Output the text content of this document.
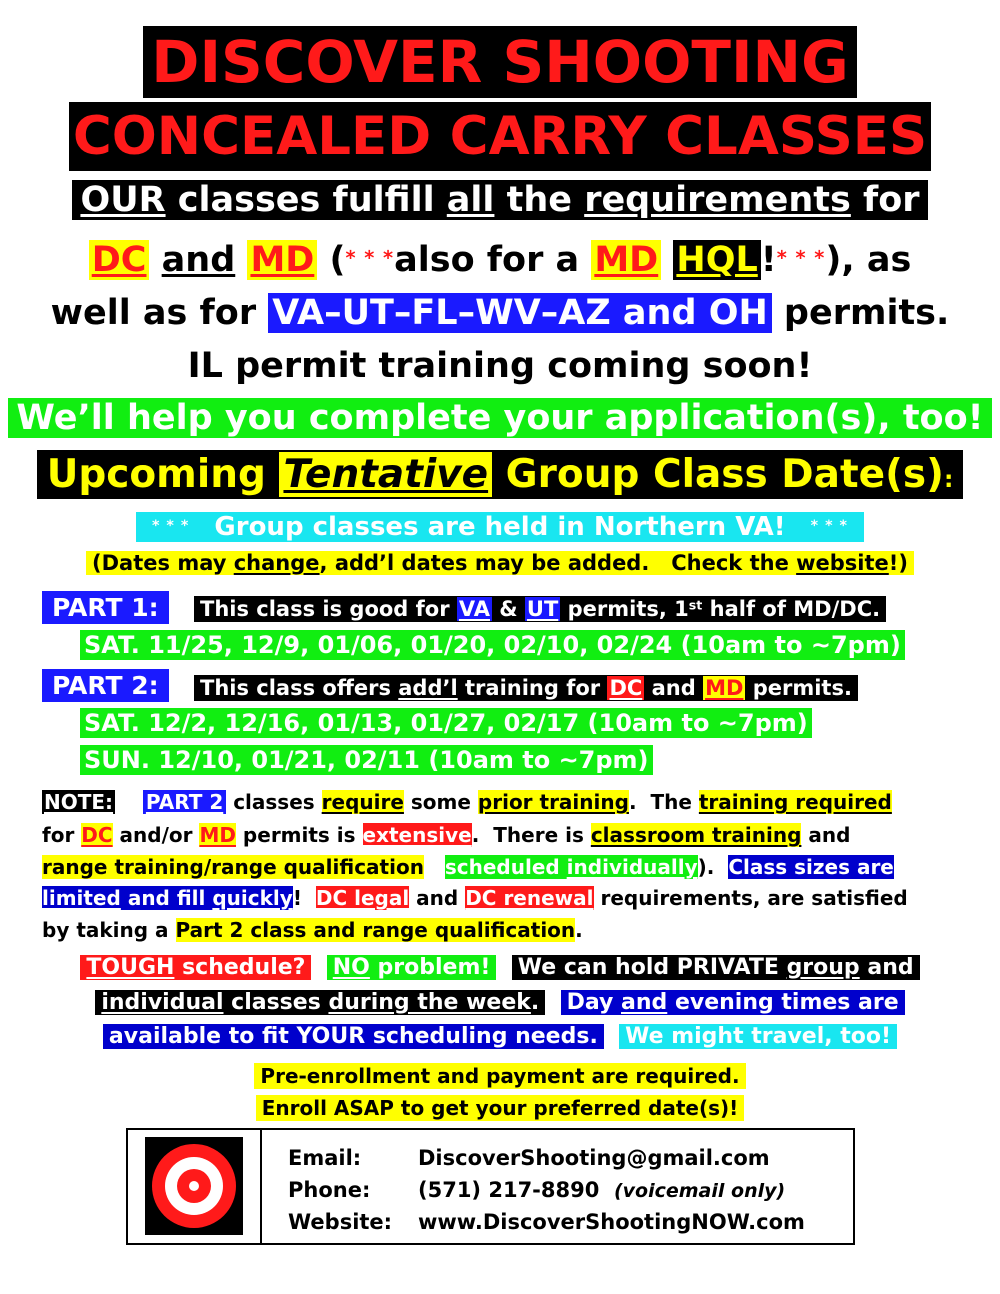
DISCOVER SHOOTING
CONCEALED CARRY CLASSES
OUR classes fulfill all the requirements for
DC and MD (* * *also for a MD HQL!* * *), as
well as for VA–UT–FL–WV–AZ and OH permits.
IL permit training coming soon!
We’ll help you complete your application(s), too!
Upcoming Tentative Group Class Date(s):
* * * Group classes are held in Northern VA! * * *
(Dates may change, add’l dates may be added.   Check the website!)
PART 1:	This class is good for VA & UT permits, 1st half of MD/DC.
SAT. 11/25, 12/9, 01/06, 01/20, 02/10, 02/24 (10am to ~7pm)
PART 2:	This class offers add’l training for DC and MD permits.
SAT. 12/2, 12/16, 01/13, 01/27, 02/17 (10am to ~7pm)
SUN. 12/10, 01/21, 02/11 (10am to ~7pm)
NOTE: PART 2 classes require some prior training.  The training required
for DC and/or MD permits is extensive.  There is classroom training and
range training/range qualification scheduled individually).  Class sizes are
limited and fill quickly! DC legal and DC renewal requirements, are satisfied
by taking a Part 2 class and range qualification.
TOUGH schedule? NO problem! We can hold PRIVATE group and
individual classes during the week. Day and evening times are
available to fit YOUR scheduling needs. We might travel, too!
Pre-enrollment and payment are required.
Enroll ASAP to get your preferred date(s)!
Email:	DiscoverShooting@gmail.com
Phone: (571) 217-8890 (voicemail only)
Website: www.DiscoverShootingNOW.com
